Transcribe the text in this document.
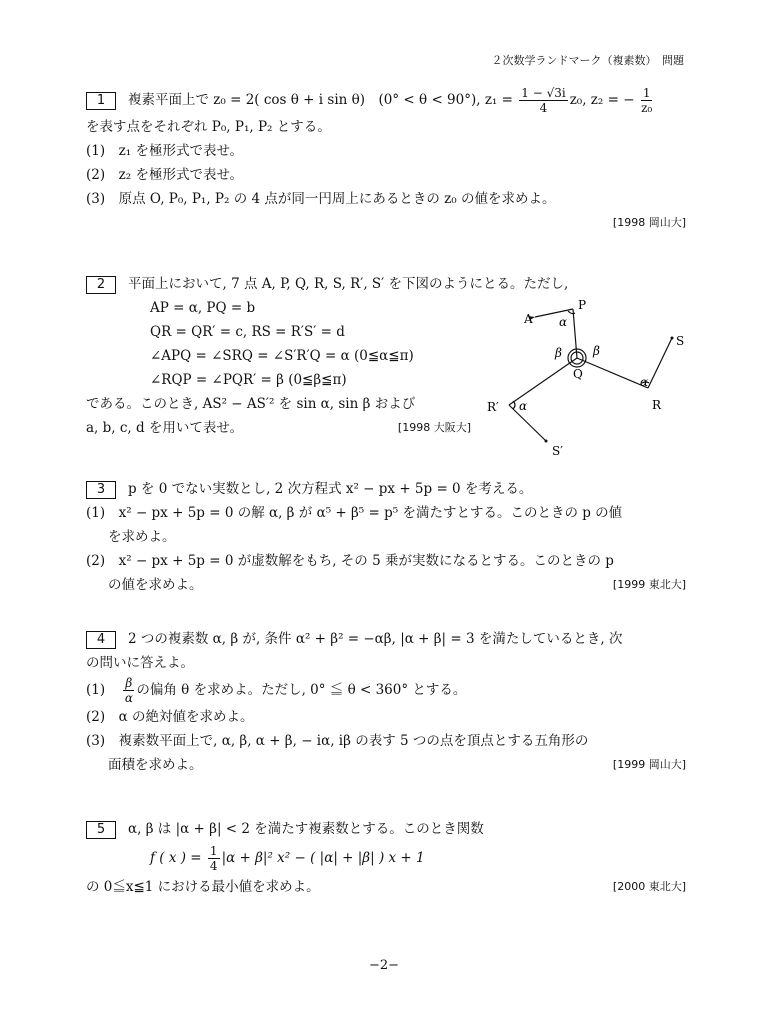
２次数学ランドマーク（複素数）　問題
1 複素平面上で z₀ = 2( cos θ + i sin θ)　(0° < θ < 90°), $z_1 = \frac{1 - √3i}{4} z_0$, z₂ = − $\frac{1}{\text{z₀}}$
を表す点をそれぞれ P₀, P₁, P₂ とする。
(1)　z₁ を極形式で表せ。
(2)　z₂ を極形式で表せ。
(3)　原点 O, P₀, P₁, P₂ の 4 点が同一円周上にあるときの z₀ の値を求めよ。
[1998 岡山大]
2 平面上において, 7 点 A, P, Q, R, S, R′, S′ を下図のようにとる。ただし,
AP = α, PQ = b
QR = QR′ = c, RS = R′S′ = d
∠APQ = ∠SRQ = ∠S′R′Q = α (0≦α≦π)
∠RQP = ∠PQR′ = β (0≦β≦π)
である。このとき, AS² − AS′² を sin α, sin β および
a, b, c, d を用いて表せ。	[1998 大阪大]
A
P
Q
R
S
R′
S′
α
β	β
α
α
3 p を 0 でない実数とし, 2 次方程式 x² − px + 5p = 0 を考える。
(1)　x² − px + 5p = 0 の解 α, β が α⁵ + β⁵ = p⁵ を満たすとする。このときの p の値
を求めよ。
(2)　x² − px + 5p = 0 が虚数解をもち, その 5 乗が実数になるとする。このときの p
の値を求めよ。	[1999 東北大]
4 2 つの複素数 α, β が, 条件 α² + β² = −αβ, |α + β| = 3 を満たしているとき, 次
の問いに答えよ。
$(1) \frac{\beta}{\alpha}$ の偏角 θ を求めよ。ただし, 0° ≦ θ < 360° とする。
(2)　α の絶対値を求めよ。
(3)　複素数平面上で, α, β, α + β, − iα, iβ の表す 5 つの点を頂点とする五角形の
面積を求めよ。	[1999 岡山大]
5 α, β は |α + β| < 2 を満たす複素数とする。このとき関数
f ( x ) = $\frac{1}{4} |\alpha + \beta|^2$ x² − ( |α| + |β| ) x + 1
の 0≦x≦1 における最小値を求めよ。	[2000 東北大]
−2−
